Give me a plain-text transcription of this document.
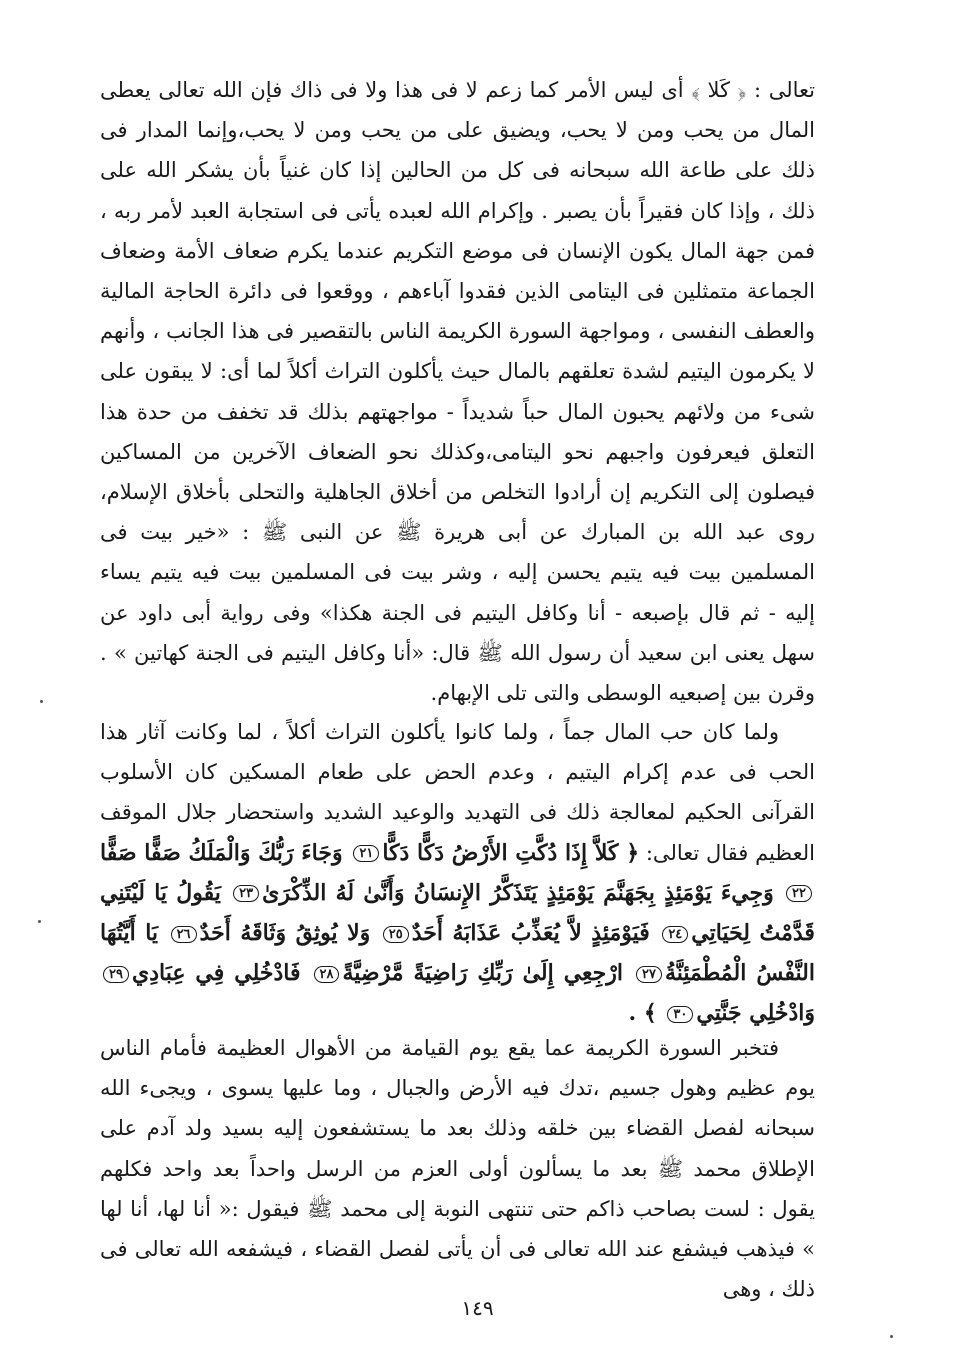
تعالى : ﴿ كَلا ﴾ أى ليس الأمر كما زعم لا فى هذا ولا فى ذاك فإن الله تعالى يعطى المال من يحب ومن لا يحب، ويضيق على من يحب ومن لا يحب،وإنما المدار فى ذلك على طاعة الله سبحانه فى كل من الحالين إذا كان غنياً بأن يشكر الله على ذلك ، وإذا كان فقيراً بأن يصبر . وإكرام الله لعبده يأتى فى استجابة العبد لأمر ربه ، فمن جهة المال يكون الإنسان فى موضع التكريم عندما يكرم ضعاف الأمة وضعاف الجماعة متمثلين فى اليتامى الذين فقدوا آباءهم ، ووقعوا فى دائرة الحاجة المالية والعطف النفسى ، ومواجهة السورة الكريمة الناس بالتقصير فى هذا الجانب ، وأنهم لا يكرمون اليتيم لشدة تعلقهم بالمال حيث يأكلون التراث أكلاً لما أى: لا يبقون على شىء من ولائهم يحبون المال حباً شديداً - مواجهتهم بذلك قد تخفف من حدة هذا التعلق فيعرفون واجبهم نحو اليتامى،وكذلك نحو الضعاف الآخرين من المساكين فيصلون إلى التكريم إن أرادوا التخلص من أخلاق الجاهلية والتحلى بأخلاق الإسلام، روى عبد الله بن المبارك عن أبى هريرة ﷺ عن النبى ﷺ : «خير بيت فى المسلمين بيت فيه يتيم يحسن إليه ، وشر بيت فى المسلمين بيت فيه يتيم يساء إليه - ثم قال بإصبعه - أنا وكافل اليتيم فى الجنة هكذا» وفى رواية أبى داود عن سهل يعنى ابن سعيد أن رسول الله ﷺ قال: «أنا وكافل اليتيم فى الجنة كهاتين » . وقرن بين إصبعيه الوسطى والتى تلى الإبهام.
ولما كان حب المال جماً ، ولما كانوا يأكلون التراث أكلاً ، لما وكانت آثار هذا الحب فى عدم إكرام اليتيم ، وعدم الحض على طعام المسكين كان الأسلوب القرآنى الحكيم لمعالجة ذلك فى التهديد والوعيد الشديد واستحضار جلال الموقف العظيم فقال تعالى: ﴿ كَلاَّ إِذَا دُكَّتِ الأَرْضُ دَكًّا دَكًّا٢١ وَجَاءَ رَبُّكَ وَالْمَلَكُ صَفًّا صَفًّا٢٢ وَجِيءَ يَوْمَئِذٍ بِجَهَنَّمَ يَوْمَئِذٍ يَتَذَكَّرُ الإِنسَانُ وَأَنَّىٰ لَهُ الذِّكْرَىٰ٢٣ يَقُولُ يَا لَيْتَنِي قَدَّمْتُ لِحَيَاتِي٢٤ فَيَوْمَئِذٍ لاَّ يُعَذِّبُ عَذَابَهُ أَحَدٌ٢٥ وَلا يُوثِقُ وَثَاقَهُ أَحَدٌ٢٦ يَا أَيَّتُهَا النَّفْسُ الْمُطْمَئِنَّةُ٢٧ ارْجِعِي إِلَىٰ رَبِّكِ رَاضِيَةً مَّرْضِيَّةً٢٨ فَادْخُلِي فِي عِبَادِي٢٩ وَادْخُلِي جَنَّتِي٣٠ ﴾ .
فتخبر السورة الكريمة عما يقع يوم القيامة من الأهوال العظيمة فأمام الناس يوم عظيم وهول جسيم ،تدك فيه الأرض والجبال ، وما عليها يسوى ، ويجىء الله سبحانه لفصل القضاء بين خلقه وذلك بعد ما يستشفعون إليه بسيد ولد آدم على الإطلاق محمد ﷺ بعد ما يسألون أولى العزم من الرسل واحداً بعد واحد فكلهم يقول : لست بصاحب ذاكم حتى تنتهى النوبة إلى محمد ﷺ فيقول :« أنا لها، أنا لها » فيذهب فيشفع عند الله تعالى فى أن يأتى لفصل القضاء ، فيشفعه الله تعالى فى ذلك ، وهى
١٤٩
